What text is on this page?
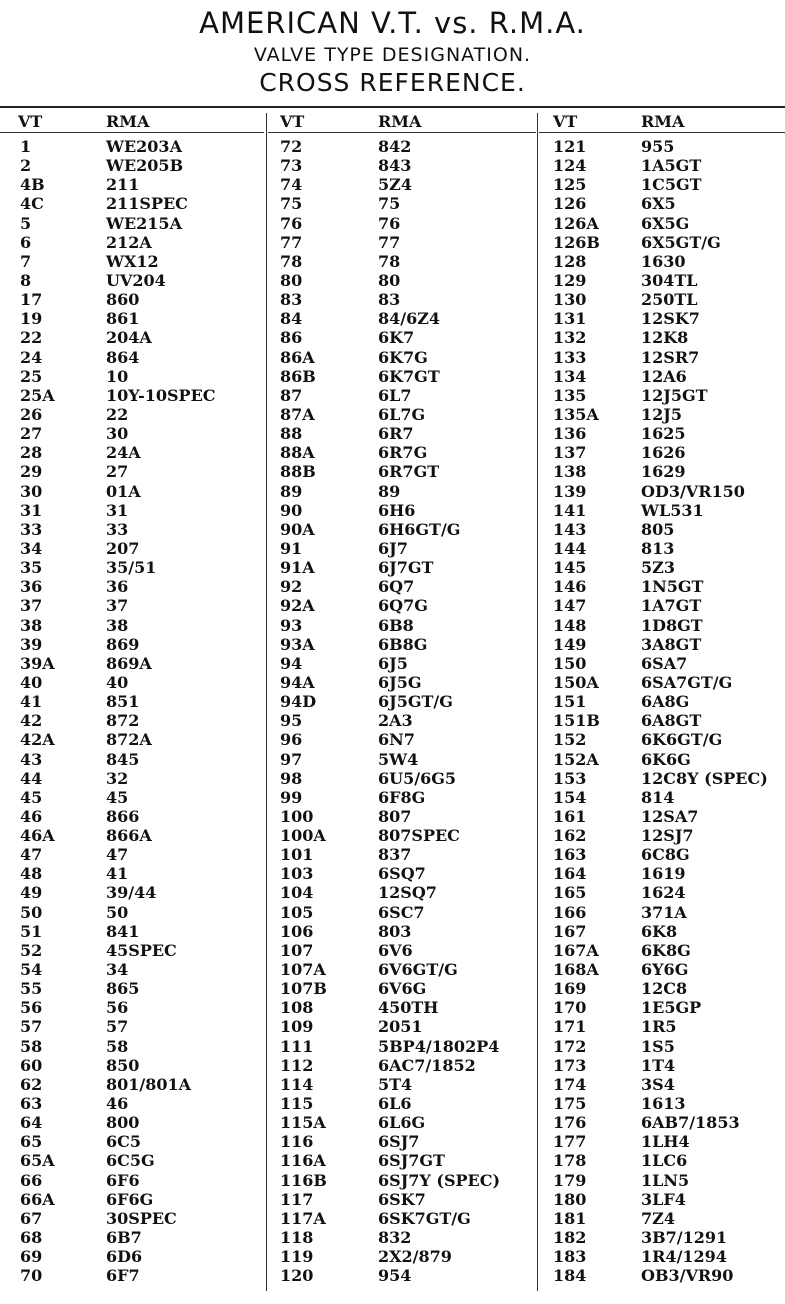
AMERICAN V.T. vs. R.M.A.
VALVE TYPE DESIGNATION.
CROSS REFERENCE.
VT	RMA
1	WE203A
2	WE205B
4B	211
4C	211SPEC
5	WE215A
6	212A
7	WX12
8	UV204
17	860
19	861
22	204A
24	864
25	10
25A	10Y-10SPEC
26	22
27	30
28	24A
29	27
30	01A
31	31
33	33
34	207
35	35/51
36	36
37	37
38	38
39	869
39A	869A
40	40
41	851
42	872
42A	872A
43	845
44	32
45	45
46	866
46A	866A
47	47
48	41
49	39/44
50	50
51	841
52	45SPEC
54	34
55	865
56	56
57	57
58	58
60	850
62	801/801A
63	46
64	800
65	6C5
65A	6C5G
66	6F6
66A	6F6G
67	30SPEC
68	6B7
69	6D6
70	6F7
VT	RMA
72	842
73	843
74	5Z4
75	75
76	76
77	77
78	78
80	80
83	83
84	84/6Z4
86	6K7
86A	6K7G
86B	6K7GT
87	6L7
87A	6L7G
88	6R7
88A	6R7G
88B	6R7GT
89	89
90	6H6
90A	6H6GT/G
91	6J7
91A	6J7GT
92	6Q7
92A	6Q7G
93	6B8
93A	6B8G
94	6J5
94A	6J5G
94D	6J5GT/G
95	2A3
96	6N7
97	5W4
98	6U5/6G5
99	6F8G
100	807
100A	807SPEC
101	837
103	6SQ7
104	12SQ7
105	6SC7
106	803
107	6V6
107A	6V6GT/G
107B	6V6G
108	450TH
109	2051
111	5BP4/1802P4
112	6AC7/1852
114	5T4
115	6L6
115A	6L6G
116	6SJ7
116A	6SJ7GT
116B	6SJ7Y (SPEC)
117	6SK7
117A	6SK7GT/G
118	832
119	2X2/879
120	954
VT	RMA
121	955
124	1A5GT
125	1C5GT
126	6X5
126A	6X5G
126B	6X5GT/G
128	1630
129	304TL
130	250TL
131	12SK7
132	12K8
133	12SR7
134	12A6
135	12J5GT
135A	12J5
136	1625
137	1626
138	1629
139	OD3/VR150
141	WL531
143	805
144	813
145	5Z3
146	1N5GT
147	1A7GT
148	1D8GT
149	3A8GT
150	6SA7
150A	6SA7GT/G
151	6A8G
151B	6A8GT
152	6K6GT/G
152A	6K6G
153	12C8Y (SPEC)
154	814
161	12SA7
162	12SJ7
163	6C8G
164	1619
165	1624
166	371A
167	6K8
167A	6K8G
168A	6Y6G
169	12C8
170	1E5GP
171	1R5
172	1S5
173	1T4
174	3S4
175	1613
176	6AB7/1853
177	1LH4
178	1LC6
179	1LN5
180	3LF4
181	7Z4
182	3B7/1291
183	1R4/1294
184	OB3/VR90
